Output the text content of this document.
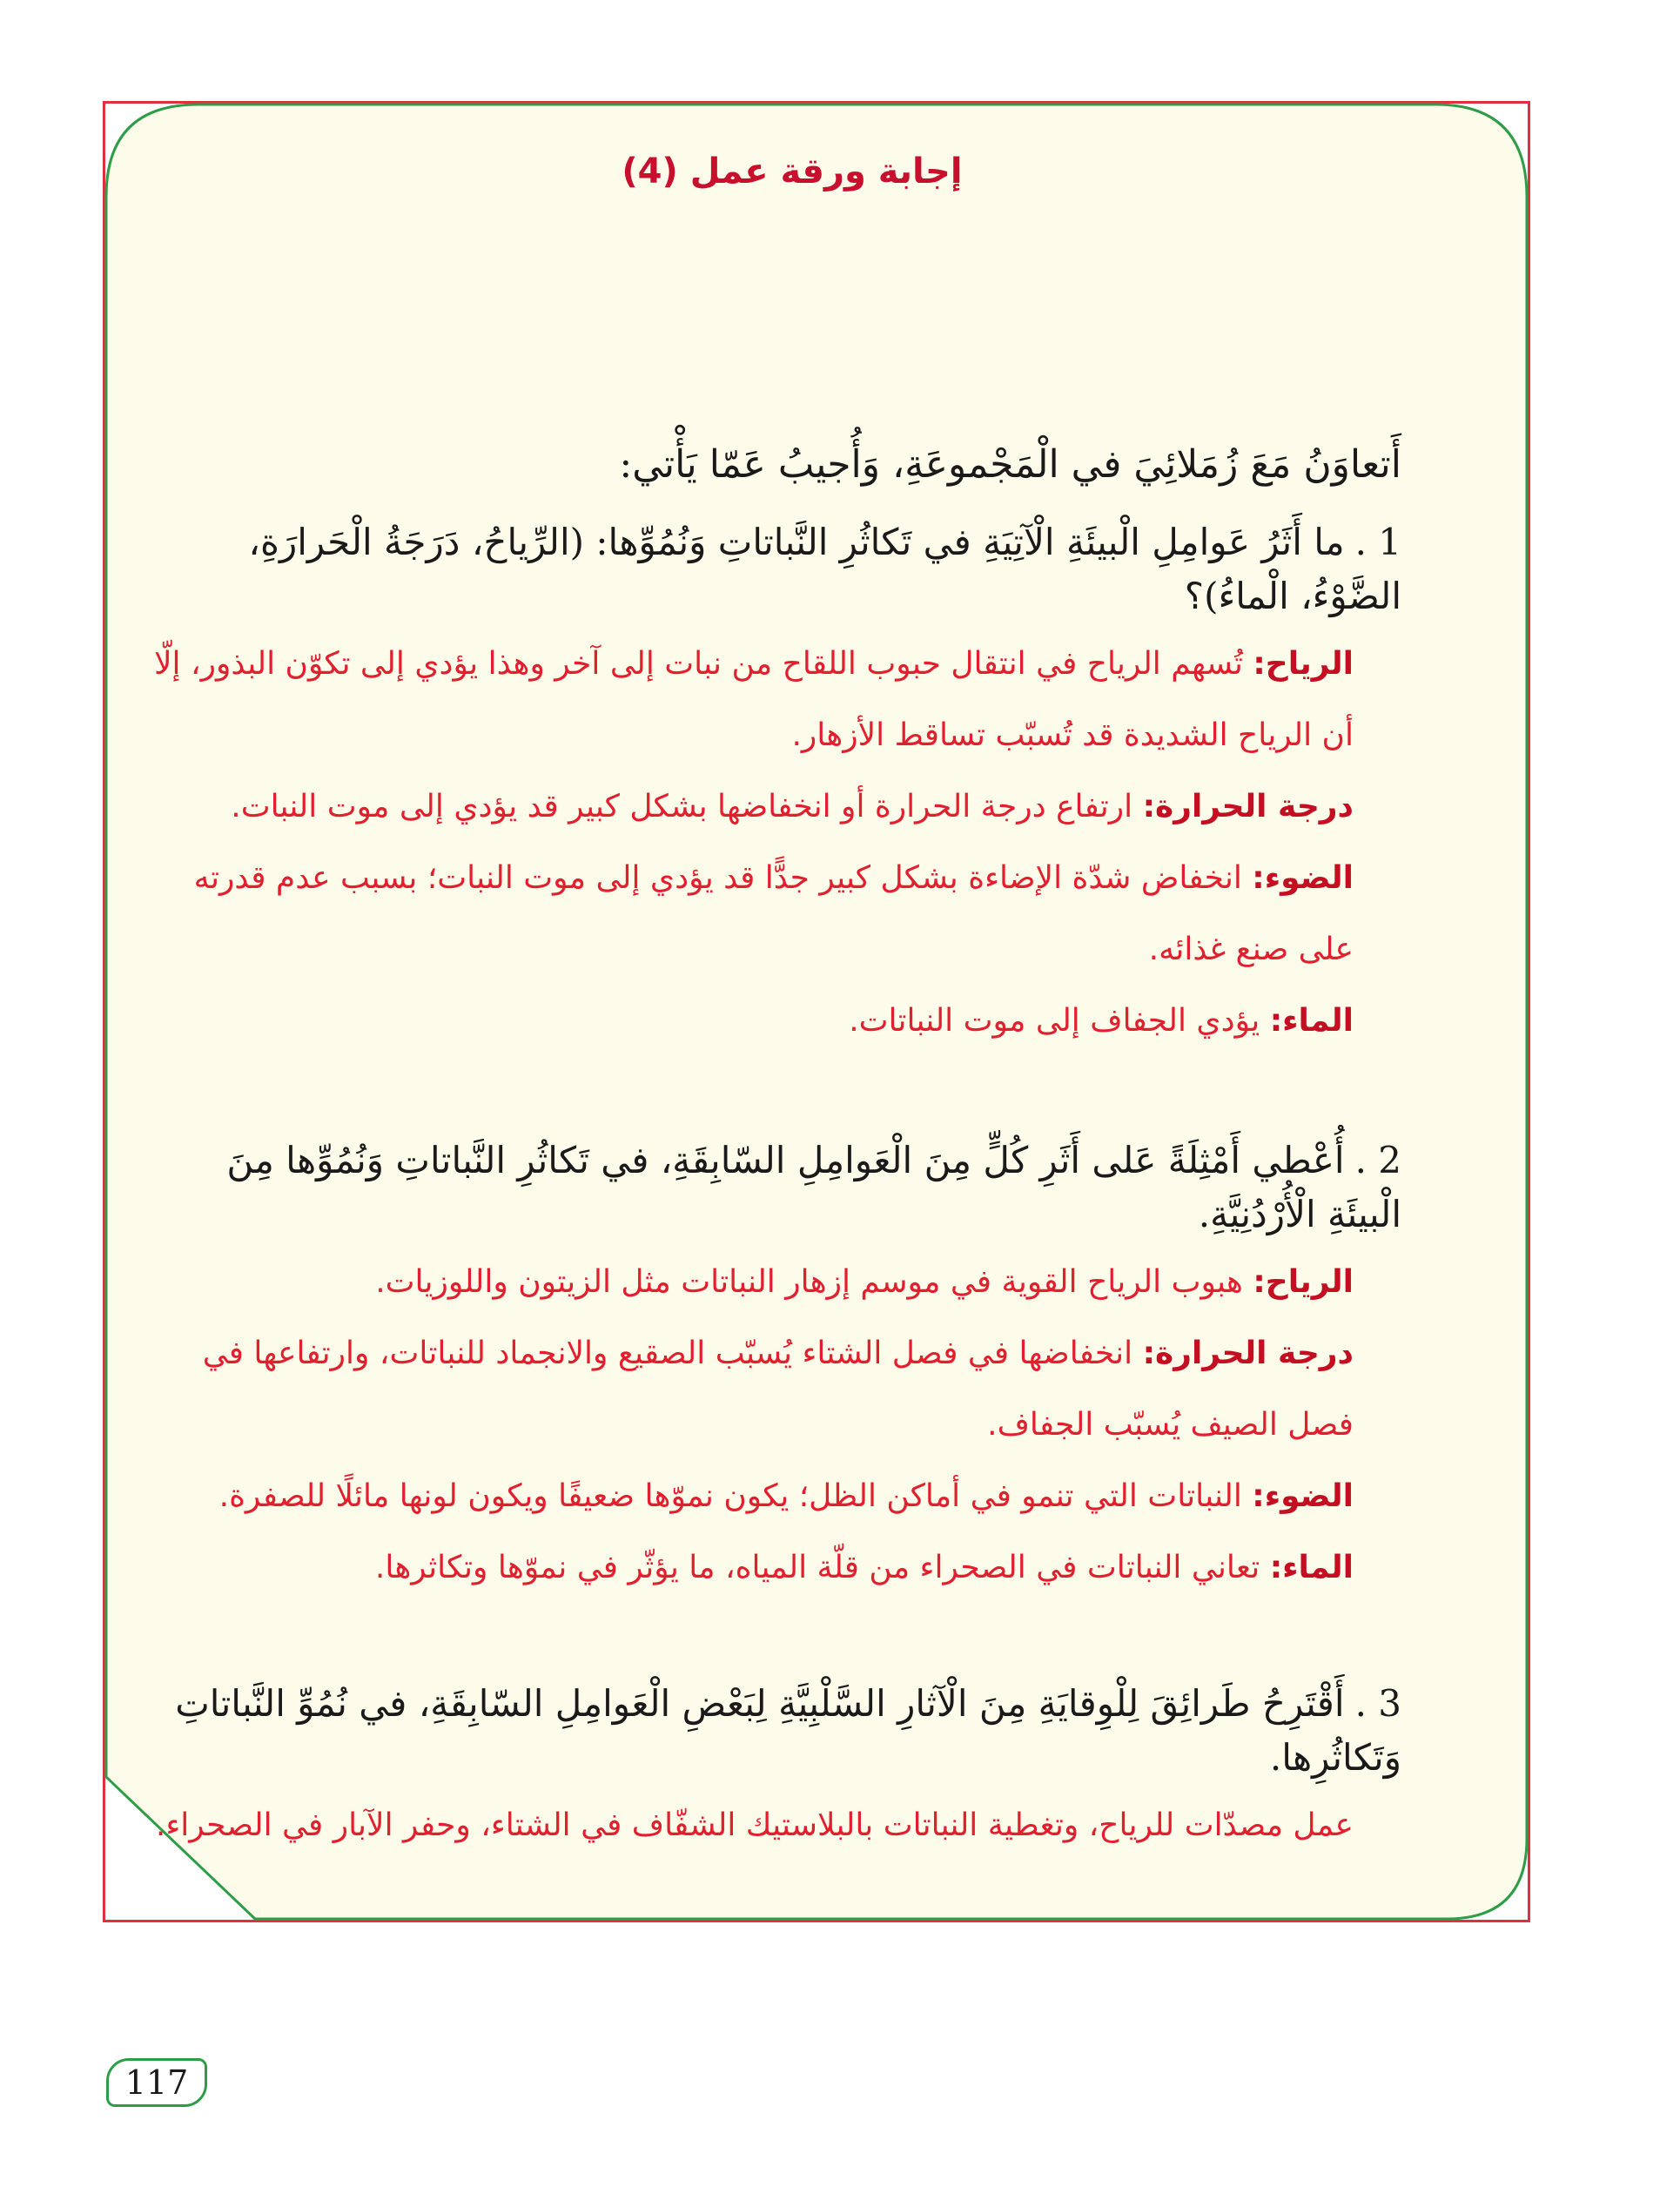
إجابة ورقة عمل (4)
أَتعاوَنُ مَعَ زُمَلائِيَ في الْمَجْموعَةِ، وَأُجيبُ عَمّا يَأْتي:
1 .ما أَثَرُ عَوامِلِ الْبيئَةِ الْآتِيَةِ في تَكاثُرِ النَّباتاتِ وَنُمُوِّها: (الرِّياحُ، دَرَجَةُ الْحَرارَةِ، الضَّوْءُ، الْماءُ)؟
الرياح: تُسهم الرياح في انتقال حبوب اللقاح من نبات إلى آخر وهذا يؤدي إلى تكوّن البذور، إلّا أن الرياح الشديدة قد تُسبّب تساقط الأزهار.
درجة الحرارة: ارتفاع درجة الحرارة أو انخفاضها بشكل كبير قد يؤدي إلى موت النبات.
الضوء: انخفاض شدّة الإضاءة بشكل كبير جدًّا قد يؤدي إلى موت النبات؛ بسبب عدم قدرته على صنع غذائه.
الماء: يؤدي الجفاف إلى موت النباتات.
2 .أُعْطي أَمْثِلَةً عَلى أَثَرِ كُلٍّ مِنَ الْعَوامِلِ السّابِقَةِ، في تَكاثُرِ النَّباتاتِ وَنُمُوِّها مِنَ الْبيئَةِ الْأُرْدُنِيَّةِ.
الرياح: هبوب الرياح القوية في موسم إزهار النباتات مثل الزيتون واللوزيات.
درجة الحرارة: انخفاضها في فصل الشتاء يُسبّب الصقيع والانجماد للنباتات، وارتفاعها في فصل الصيف يُسبّب الجفاف.
الضوء: النباتات التي تنمو في أماكن الظل؛ يكون نموّها ضعيفًا ويكون لونها مائلًا للصفرة.
الماء: تعاني النباتات في الصحراء من قلّة المياه، ما يؤثّر في نموّها وتكاثرها.
3 .أَقْتَرِحُ طَرائِقَ لِلْوِقايَةِ مِنَ الْآثارِ السَّلْبِيَّةِ لِبَعْضِ الْعَوامِلِ السّابِقَةِ، في نُمُوِّ النَّباتاتِ وَتَكاثُرِها.
عمل مصدّات للرياح، وتغطية النباتات بالبلاستيك الشفّاف في الشتاء، وحفر الآبار في الصحراء.
117
